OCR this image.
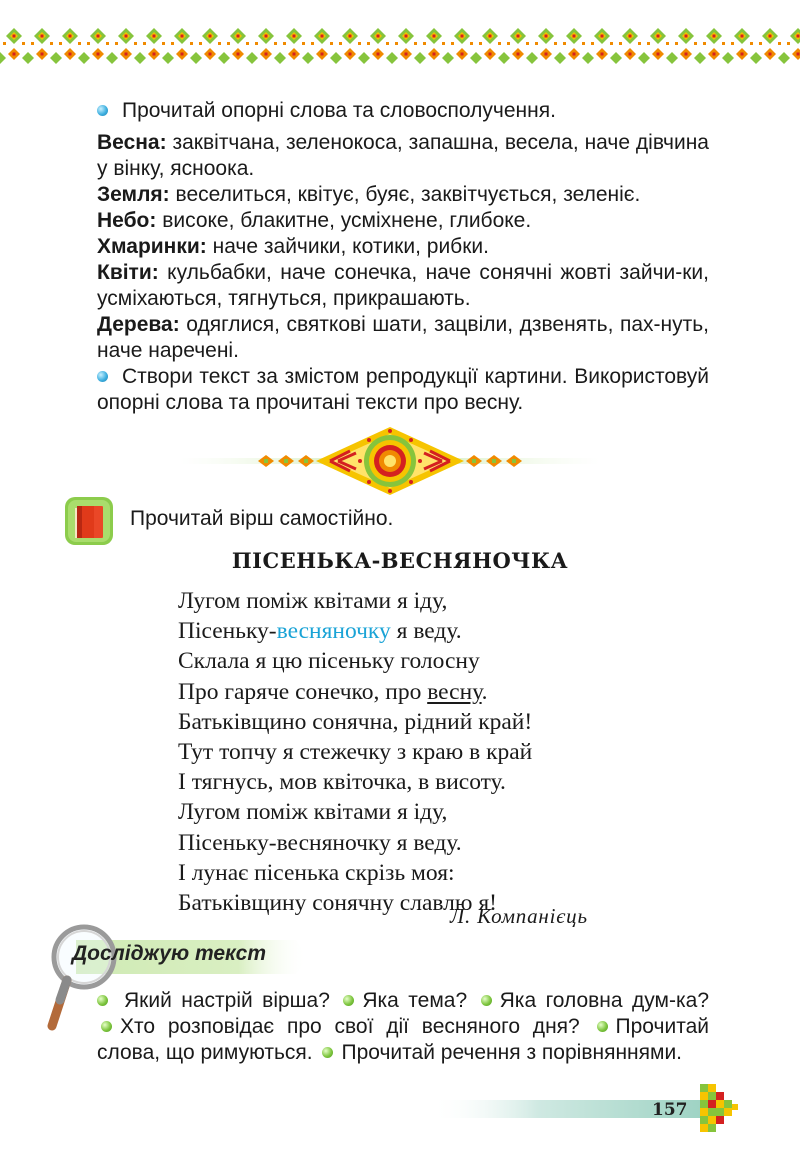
Прочитай опорні слова та словосполучення.
Весна: заквітчана, зеленокоса, запашна, весела, наче дівчина у вінку, ясноока.
Земля: веселиться, квітує, буяє, заквітчується, зеленіє.
Небо: високе, блакитне, усміхнене, глибоке.
Хмаринки: наче зайчики, котики, рибки.
Квіти: кульбабки, наче сонечка, наче сонячні жовті зайчи-ки, усміхаються, тягнуться, прикрашають.
Дерева: одяглися, святкові шати, зацвіли, дзвенять, пах-нуть, наче наречені.
Створи текст за змістом репродукції картини. Використовуй опорні слова та прочитані тексти про весну.
Прочитай вірш самостійно.
ПІСЕНЬКА-ВЕСНЯНОЧКА
Лугом поміж квітами я іду,
Пісеньку-весняночку я веду.
Склала я цю пісеньку голосну
Про гаряче сонечко, про весну.
Батьківщино сонячна, рідний край!
Тут топчу я стежечку з краю в край
І тягнусь, мов квіточка, в висоту.
Лугом поміж квітами я іду,
Пісеньку-весняночку я веду.
І лунає пісенька скрізь моя:
Батьківщину сонячну славлю я!
Л. Компанієць
Досліджую текст
Який настрій вірша? Яка тема? Яка головна дум-ка? Хто розповідає про свої дії весняного дня? Прочитай слова, що римуються. Прочитай речення з порівняннями.
157
